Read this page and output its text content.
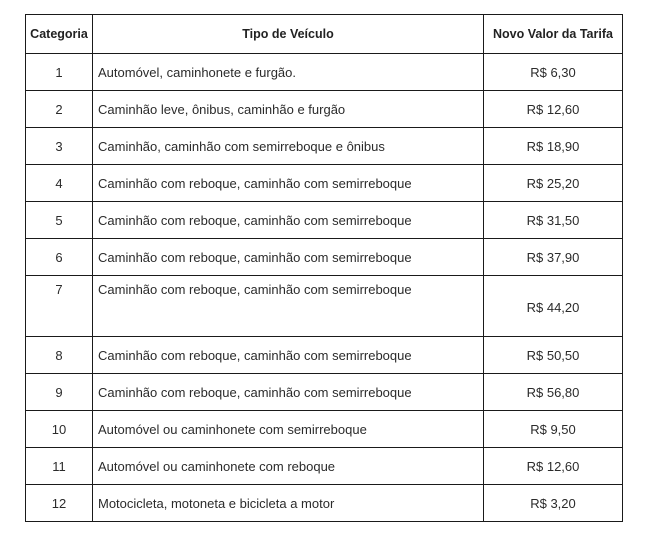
Categoria	Tipo de Veículo	Novo Valor da Tarifa
1	Automóvel, caminhonete e furgão.	R$ 6,30
2	Caminhão leve, ônibus, caminhão e furgão	R$ 12,60
3	Caminhão, caminhão com semirreboque e ônibus	R$ 18,90
4	Caminhão com reboque, caminhão com semirreboque	R$ 25,20
5	Caminhão com reboque, caminhão com semirreboque	R$ 31,50
6	Caminhão com reboque, caminhão com semirreboque	R$ 37,90
7	Caminhão com reboque, caminhão com semirreboque	R$ 44,20
8	Caminhão com reboque, caminhão com semirreboque	R$ 50,50
9	Caminhão com reboque, caminhão com semirreboque	R$ 56,80
10	Automóvel ou caminhonete com semirreboque	R$ 9,50
11	Automóvel ou caminhonete com reboque	R$ 12,60
12	Motocicleta, motoneta e bicicleta a motor	R$ 3,20
